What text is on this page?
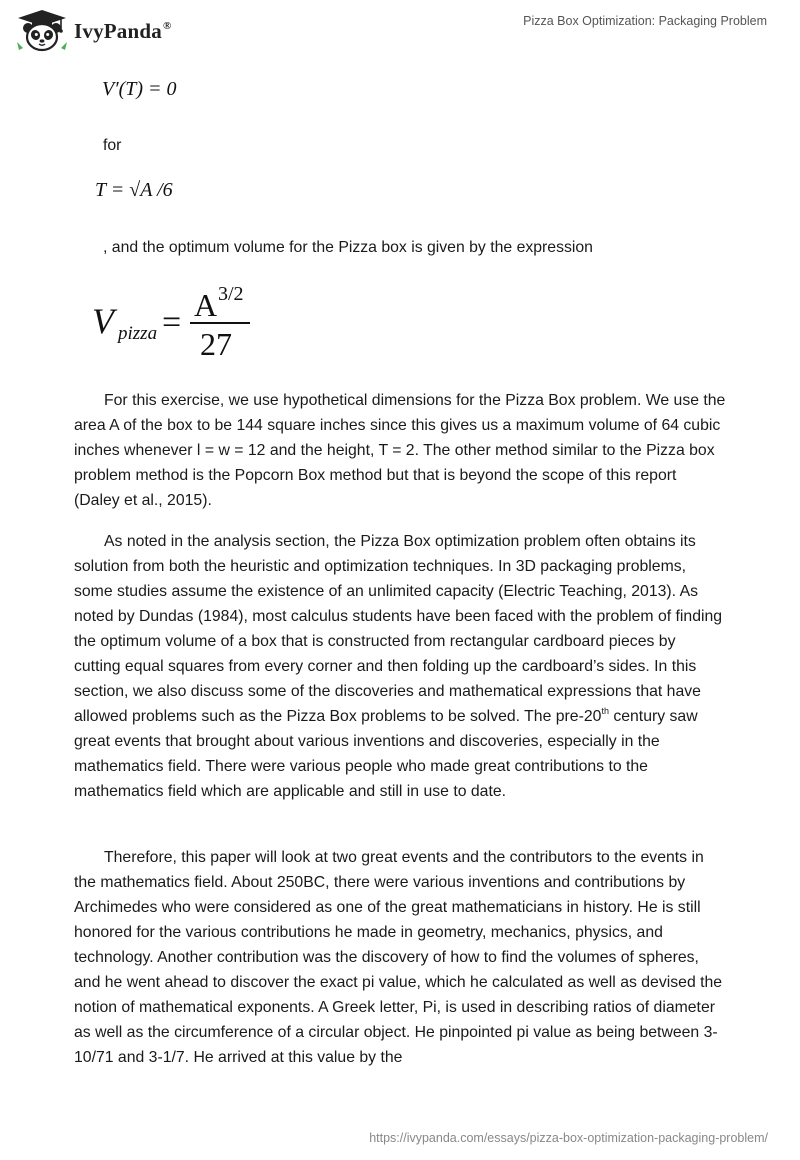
IvyPanda®	Pizza Box Optimization: Packaging Problem
V′(T) = 0
for
T = √A /6
, and the optimum volume for the Pizza box is given by the expression
V pizza = A 3/2
27

For this exercise, we use hypothetical dimensions for the Pizza Box problem. We use the area A of the box to be 144 square inches since this gives us a maximum volume of 64 cubic inches whenever l = w = 12 and the height, T = 2. The other method similar to the Pizza box problem method is the Popcorn Box method but that is beyond the scope of this report (Daley et al., 2015).

As noted in the analysis section, the Pizza Box optimization problem often obtains its solution from both the heuristic and optimization techniques. In 3D packaging problems, some studies assume the existence of an unlimited capacity (Electric Teaching, 2013). As noted by Dundas (1984), most calculus students have been faced with the problem of finding the optimum volume of a box that is constructed from rectangular cardboard pieces by cutting equal squares from every corner and then folding up the cardboard’s sides. In this section, we also discuss some of the discoveries and mathematical expressions that have allowed problems such as the Pizza Box problems to be solved. The pre-20th century saw great events that brought about various inventions and discoveries, especially in the mathematics field. There were various people who made great contributions to the mathematics field which are applicable and still in use to date.

Therefore, this paper will look at two great events and the contributors to the events in the mathematics field. About 250BC, there were various inventions and contributions by Archimedes who were considered as one of the great mathematicians in history. He is still honored for the various contributions he made in geometry, mechanics, physics, and technology. Another contribution was the discovery of how to find the volumes of spheres, and he went ahead to discover the exact pi value, which he calculated as well as devised the notion of mathematical exponents. A Greek letter, Pi, is used in describing ratios of diameter as well as the circumference of a circular object. He pinpointed pi value as being between 3-10/71 and 3-1/7. He arrived at this value by the

https://ivypanda.com/essays/pizza-box-optimization-packaging-problem/
